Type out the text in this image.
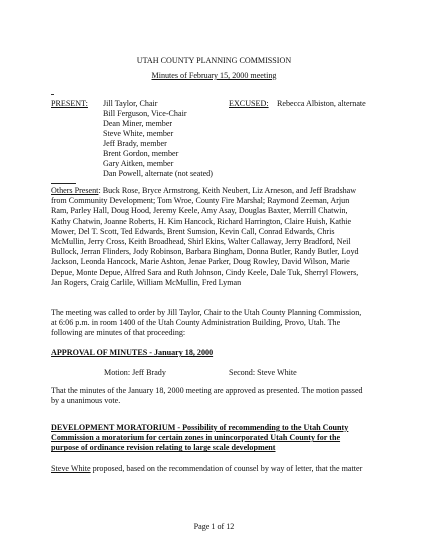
UTAH COUNTY PLANNING COMMISSION
Minutes of February 15, 2000 meeting
PRESENT: Jill Taylor, Chair
Bill Ferguson, Vice-Chair
Dean Miner, member
Steve White, member
Jeff Brady, member
Brent Gordon, member
Gary Aitken, member
Dan Powell, alternate (not seated)
EXCUSED: Rebecca Albiston, alternate
Others Present: Buck Rose, Bryce Armstrong, Keith Neubert, Liz Arneson, and Jeff Bradshaw
from Community Development; Tom Wroe, County Fire Marshal; Raymond Zeeman, Arjun
Ram, Parley Hall, Doug Hood, Jeremy Keele, Amy Asay, Douglas Baxter, Merrill Chatwin,
Kathy Chatwin, Joanne Roberts, H. Kim Hancock, Richard Harrington, Claire Huish, Kathie
Mower, Del T. Scott, Ted Edwards, Brent Sumsion, Kevin Call, Conrad Edwards, Chris
McMullin, Jerry Cross, Keith Broadhead, Shirl Ekins, Walter Callaway, Jerry Bradford, Neil
Bullock, Jerran Flinders, Jody Robinson, Barbara Bingham, Donna Butler, Randy Butler, Loyd
Jackson, Leonda Hancock, Marie Ashton, Jenae Parker, Doug Rowley, David Wilson, Marie
Depue, Monte Depue, Alfred Sara and Ruth Johnson, Cindy Keele, Dale Tuk, Sherryl Flowers,
Jan Rogers, Craig Carlile, William McMullin, Fred Lyman
The meeting was called to order by Jill Taylor, Chair to the Utah County Planning Commission,
at 6:06 p.m. in room 1400 of the Utah County Administration Building, Provo, Utah. The
following are minutes of that proceeding:
APPROVAL OF MINUTES - January 18, 2000
Motion: Jeff Brady	Second: Steve White
That the minutes of the January 18, 2000 meeting are approved as presented. The motion passed
by a unanimous vote.
DEVELOPMENT MORATORIUM - Possibility of recommending to the Utah County
Commission a moratorium for certain zones in unincorporated Utah County for the
purpose of ordinance revision relating to large scale development
Steve White proposed, based on the recommendation of counsel by way of letter, that the matter
Page 1 of 12
